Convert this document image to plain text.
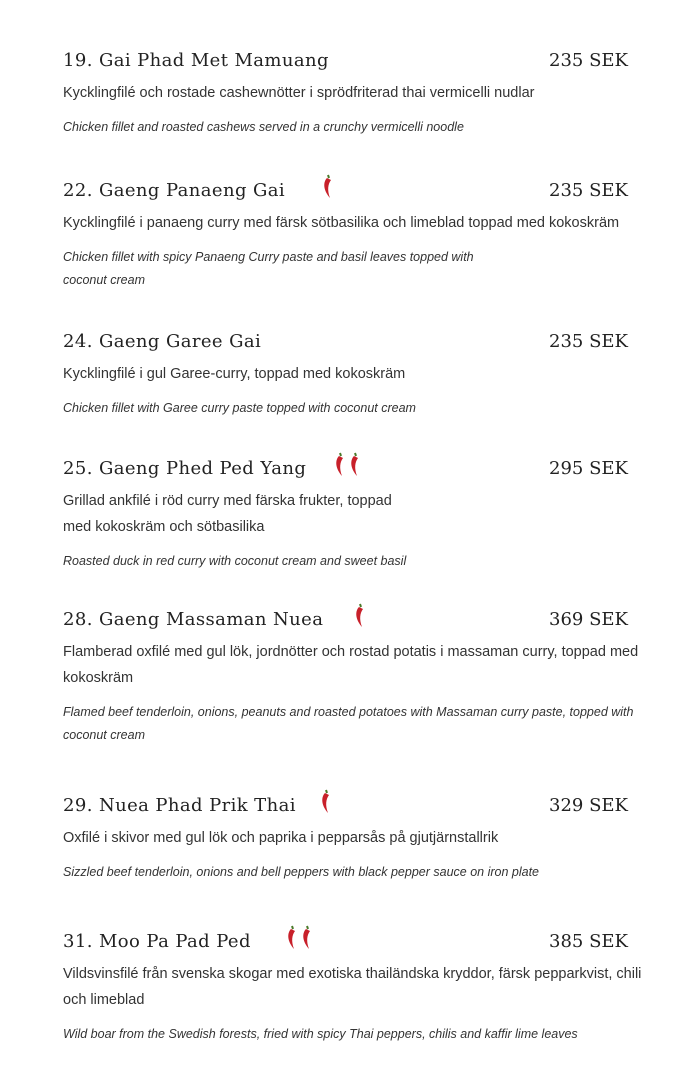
19. Gai Phad Met Mamuang	235 SEK
Kycklingfilé och rostade cashewnötter i sprödfriterad thai vermicelli nudlar
Chicken fillet and roasted cashews served in a crunchy vermicelli noodle
22. Gaeng Panaeng Gai	235 SEK
Kycklingfilé i panaeng curry med färsk sötbasilika och limeblad toppad med kokoskräm
Chicken fillet with spicy Panaeng Curry paste and basil leaves topped with coconut cream
24. Gaeng Garee Gai	235 SEK
Kycklingfilé i gul Garee-curry, toppad med kokoskräm
Chicken fillet with Garee curry paste topped with coconut cream
25. Gaeng Phed Ped Yang	295 SEK
Grillad ankfilé i röd curry med färska frukter, toppad med kokoskräm och sötbasilika
Roasted duck in red curry with coconut cream and sweet basil
28. Gaeng Massaman Nuea	369 SEK
Flamberad oxfilé med gul lök, jordnötter och rostad potatis i massaman curry, toppad med kokoskräm
Flamed beef tenderloin, onions, peanuts and roasted potatoes with Massaman curry paste, topped with coconut cream
29. Nuea Phad Prik Thai	329 SEK
Oxfilé i skivor med gul lök och paprika i pepparsås på gjutjärnstallrik
Sizzled beef tenderloin, onions and bell peppers with black pepper sauce on iron plate
31. Moo Pa Pad Ped	385 SEK
Vildsvinsfilé från svenska skogar med exotiska thailändska kryddor, färsk pepparkvist, chili och limeblad
Wild boar from the Swedish forests, fried with spicy Thai peppers, chilis and kaffir lime leaves
